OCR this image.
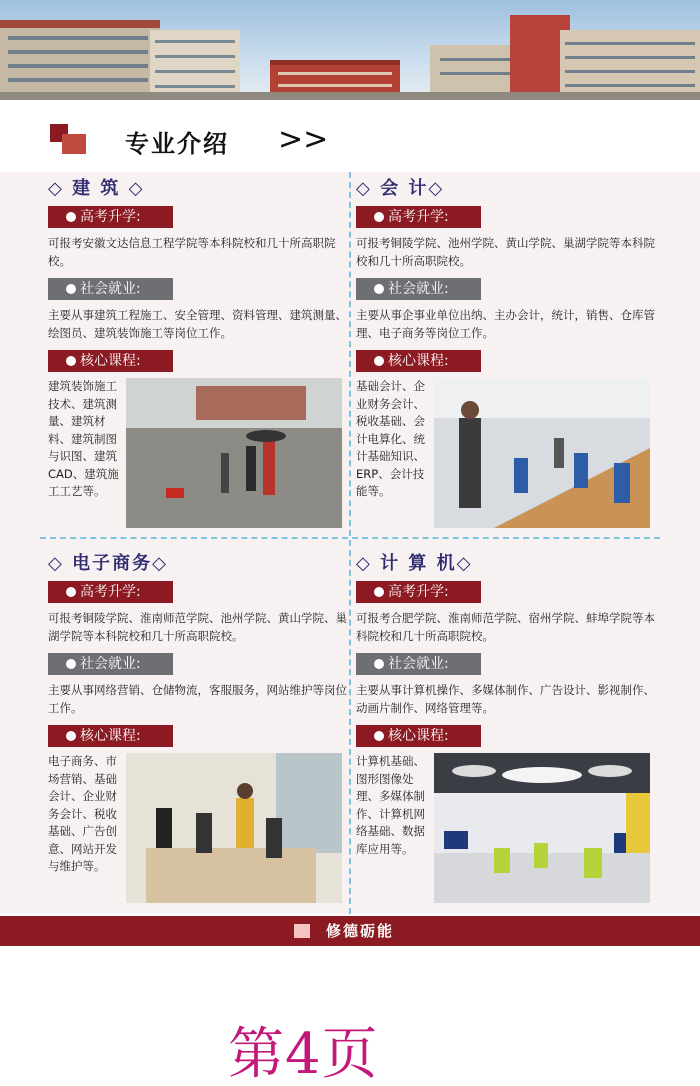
专业介绍 >>
◇ 建 筑 ◇
高考升学:
可报考安徽文达信息工程学院等本科院校和几十所高职院校。
社会就业:
主要从事建筑工程施工、安全管理、资料管理、建筑测量、绘图员、建筑装饰施工等岗位工作。
核心课程:
建筑装饰施工技术、建筑测量、建筑材料、建筑制图与识图、建筑CAD、建筑施工工艺等。
◇ 会 计◇
高考升学:
可报考铜陵学院、池州学院、黄山学院、巢湖学院等本科院校和几十所高职院校。
社会就业:
主要从事企事业单位出纳、主办会计，统计，销售、仓库管理、电子商务等岗位工作。
核心课程:
基础会计、企业财务会计、税收基础、会计电算化、统计基础知识、ERP、会计技能等。
◇ 电子商务◇
高考升学:
可报考铜陵学院、淮南师范学院、池州学院、黄山学院、巢湖学院等本科院校和几十所高职院校。
社会就业:
主要从事网络营销、仓储物流，客服服务，网站维护等岗位工作。
核心课程:
电子商务、市场营销、基础会计、企业财务会计、税收基础、广告创意、网站开发与维护等。
◇ 计 算 机◇
高考升学:
可报考合肥学院、淮南师范学院、宿州学院、蚌埠学院等本科院校和几十所高职院校。
社会就业:
主要从事计算机操作、多媒体制作、广告设计、影视制作、动画片制作、网络管理等。
核心课程:
计算机基础、图形图像处理、多媒体制作、计算机网络基础、数据库应用等。
修德砺能
第4页
